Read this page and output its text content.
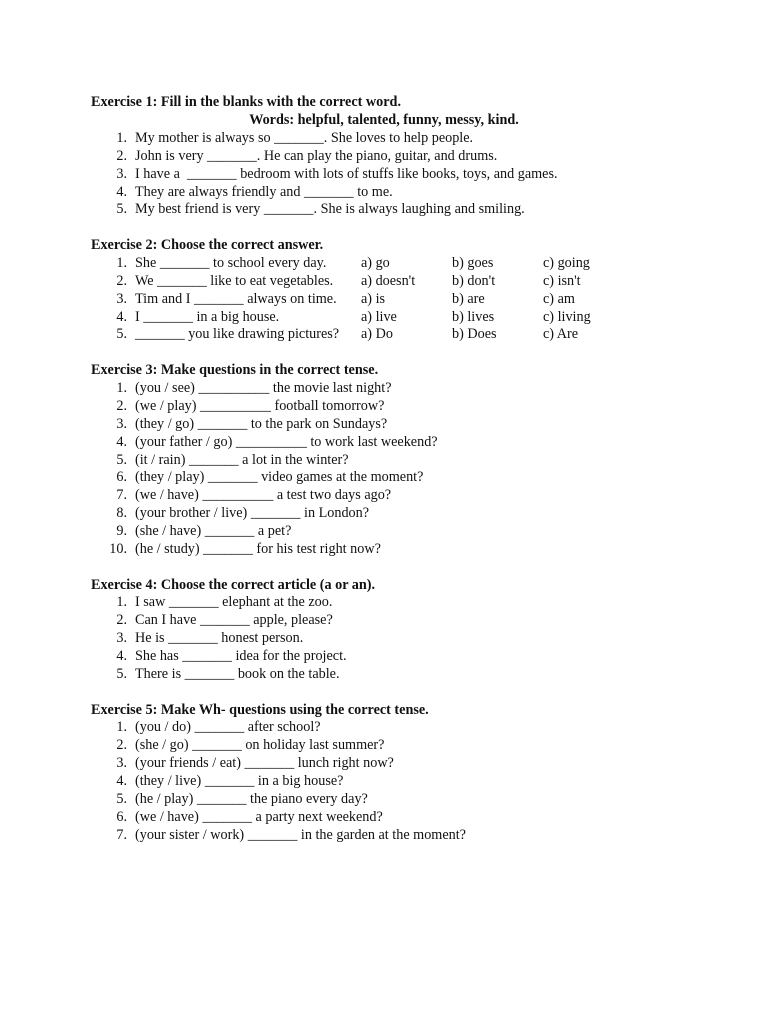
Exercise 1: Fill in the blanks with the correct word.
Words: helpful, talented, funny, messy, kind.
1. My mother is always so _______. She loves to help people.
2. John is very _______. He can play the piano, guitar, and drums.
3. I have a  _______ bedroom with lots of stuffs like books, toys, and games.
4. They are always friendly and _______ to me.
5. My best friend is very _______. She is always laughing and smiling.
Exercise 2: Choose the correct answer.
1. She _______ to school every day.	a) go	b) goes	c) going
2. We _______ like to eat vegetables.	a) doesn't	b) don't	c) isn't
3. Tim and I _______ always on time.	a) is	b) are	c) am
4. I _______ in a big house.	a) live	b) lives	c) living
5. _______ you like drawing pictures?	a) Do	b) Does	c) Are
Exercise 3: Make questions in the correct tense.
1. (you / see) __________ the movie last night?
2. (we / play) __________ football tomorrow?
3. (they / go) _______ to the park on Sundays?
4. (your father / go) __________ to work last weekend?
5. (it / rain) _______ a lot in the winter?
6. (they / play) _______ video games at the moment?
7. (we / have) __________ a test two days ago?
8. (your brother / live) _______ in London?
9. (she / have) _______ a pet?
10. (he / study) _______ for his test right now?
Exercise 4: Choose the correct article (a or an).
1. I saw _______ elephant at the zoo.
2. Can I have _______ apple, please?
3. He is _______ honest person.
4. She has _______ idea for the project.
5. There is _______ book on the table.
Exercise 5: Make Wh- questions using the correct tense.
1. (you / do) _______ after school?
2. (she / go) _______ on holiday last summer?
3. (your friends / eat) _______ lunch right now?
4. (they / live) _______ in a big house?
5. (he / play) _______ the piano every day?
6. (we / have) _______ a party next weekend?
7. (your sister / work) _______ in the garden at the moment?
